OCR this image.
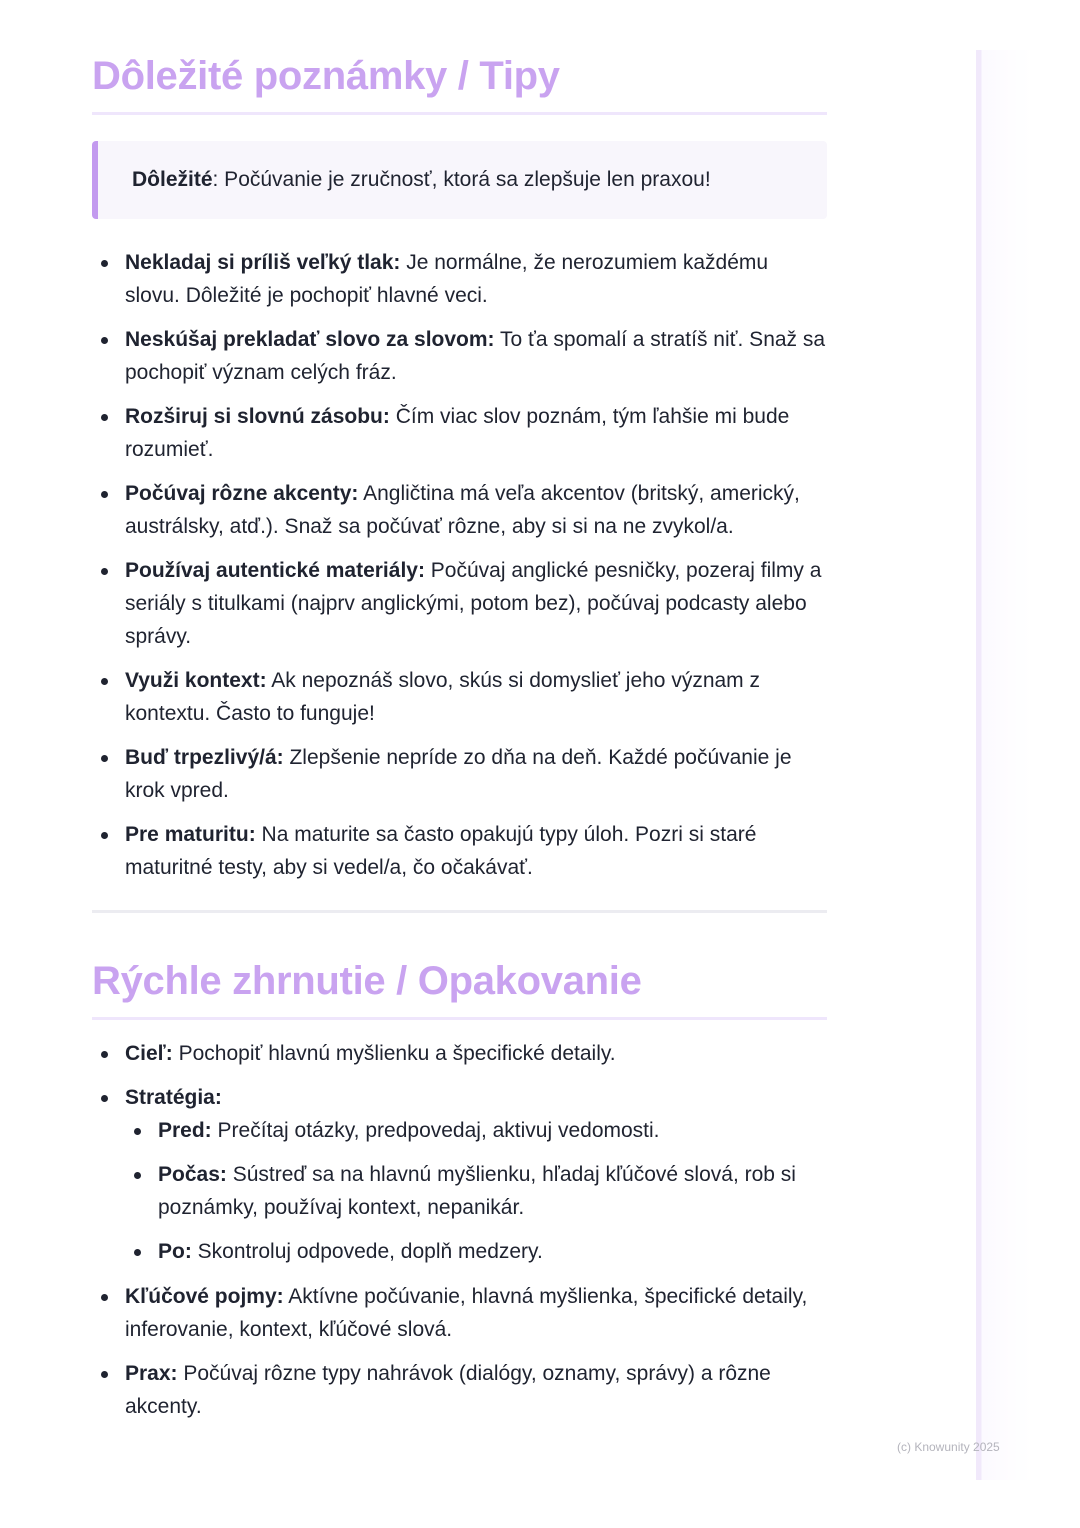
Dôležité poznámky / Tipy
Dôležité: Počúvanie je zručnosť, ktorá sa zlepšuje len praxou!
Nekladaj si príliš veľký tlak: Je normálne, že nerozumiem každému slovu. Dôležité je pochopiť hlavné veci.
Neskúšaj prekladať slovo za slovom: To ťa spomalí a stratíš niť. Snaž sa pochopiť význam celých fráz.
Rozširuj si slovnú zásobu: Čím viac slov poznám, tým ľahšie mi bude rozumieť.
Počúvaj rôzne akcenty: Angličtina má veľa akcentov (britský, americký, austrálsky, atď.). Snaž sa počúvať rôzne, aby si si na ne zvykol/a.
Používaj autentické materiály: Počúvaj anglické pesničky, pozeraj filmy a seriály s titulkami (najprv anglickými, potom bez), počúvaj podcasty alebo správy.
Využi kontext: Ak nepoznáš slovo, skús si domyslieť jeho význam z kontextu. Často to funguje!
Buď trpezlivý/á: Zlepšenie nepríde zo dňa na deň. Každé počúvanie je krok vpred.
Pre maturitu: Na maturite sa často opakujú typy úloh. Pozri si staré maturitné testy, aby si vedel/a, čo očakávať.
Rýchle zhrnutie / Opakovanie
Cieľ: Pochopiť hlavnú myšlienku a špecifické detaily.
Stratégia:
Pred: Prečítaj otázky, predpovedaj, aktivuj vedomosti.
Počas: Sústreď sa na hlavnú myšlienku, hľadaj kľúčové slová, rob si poznámky, používaj kontext, nepanikár.
Po: Skontroluj odpovede, doplň medzery.
Kľúčové pojmy: Aktívne počúvanie, hlavná myšlienka, špecifické detaily, inferovanie, kontext, kľúčové slová.
Prax: Počúvaj rôzne typy nahrávok (dialógy, oznamy, správy) a rôzne akcenty.
(c) Knowunity 2025
